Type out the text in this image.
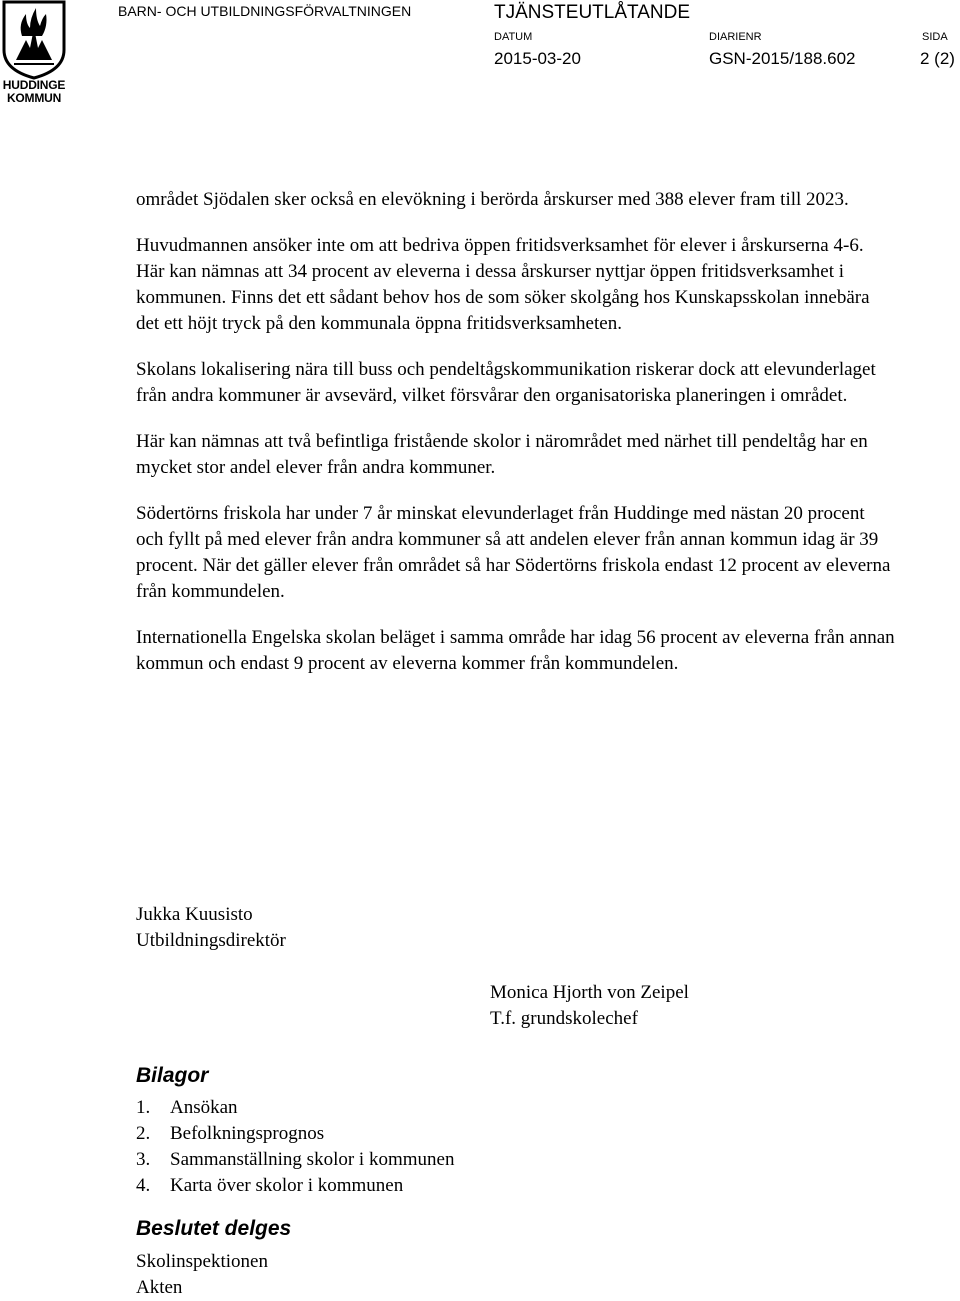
HUDDINGE
KOMMUN
BARN- OCH UTBILDNINGSFÖRVALTNINGEN	TJÄNSTEUTLÅTANDE
DATUM
2015-03-20
DIARIENR
GSN-2015/188.602
SIDA
2 (2)

området Sjödalen sker också en elevökning i berörda årskurser med 388 elever fram till 2023.

Huvudmannen ansöker inte om att bedriva öppen fritidsverksamhet för elever i årskurserna 4-6. Här kan nämnas att 34 procent av eleverna i dessa årskurser nyttjar öppen fritidsverksamhet i kommunen. Finns det ett sådant behov hos de som söker skolgång hos Kunskapsskolan innebära det ett höjt tryck på den kommunala öppna fritidsverksamheten.

Skolans lokalisering nära till buss och pendeltågskommunikation riskerar dock att elevunderlaget från andra kommuner är avsevärd, vilket försvårar den organisatoriska planeringen i området.

Här kan nämnas att två befintliga fristående skolor i närområdet med närhet till pendeltåg har en mycket stor andel elever från andra kommuner.

Södertörns friskola har under 7 år minskat elevunderlaget från Huddinge med nästan 20 procent och fyllt på med elever från andra kommuner så att andelen elever från annan kommun idag är 39 procent. När det gäller elever från området så har Södertörns friskola endast 12 procent av eleverna från kommundelen.

Internationella Engelska skolan beläget i samma område har idag 56 procent av eleverna från annan kommun och endast 9 procent av eleverna kommer från kommundelen.

Jukka Kuusisto
Utbildningsdirektör
Monica Hjorth von Zeipel
T.f. grundskolechef
Bilagor
1. Ansökan
2. Befolkningsprognos
3. Sammanställning skolor i kommunen
4. Karta över skolor i kommunen
Beslutet delges
Skolinspektionen
Akten
